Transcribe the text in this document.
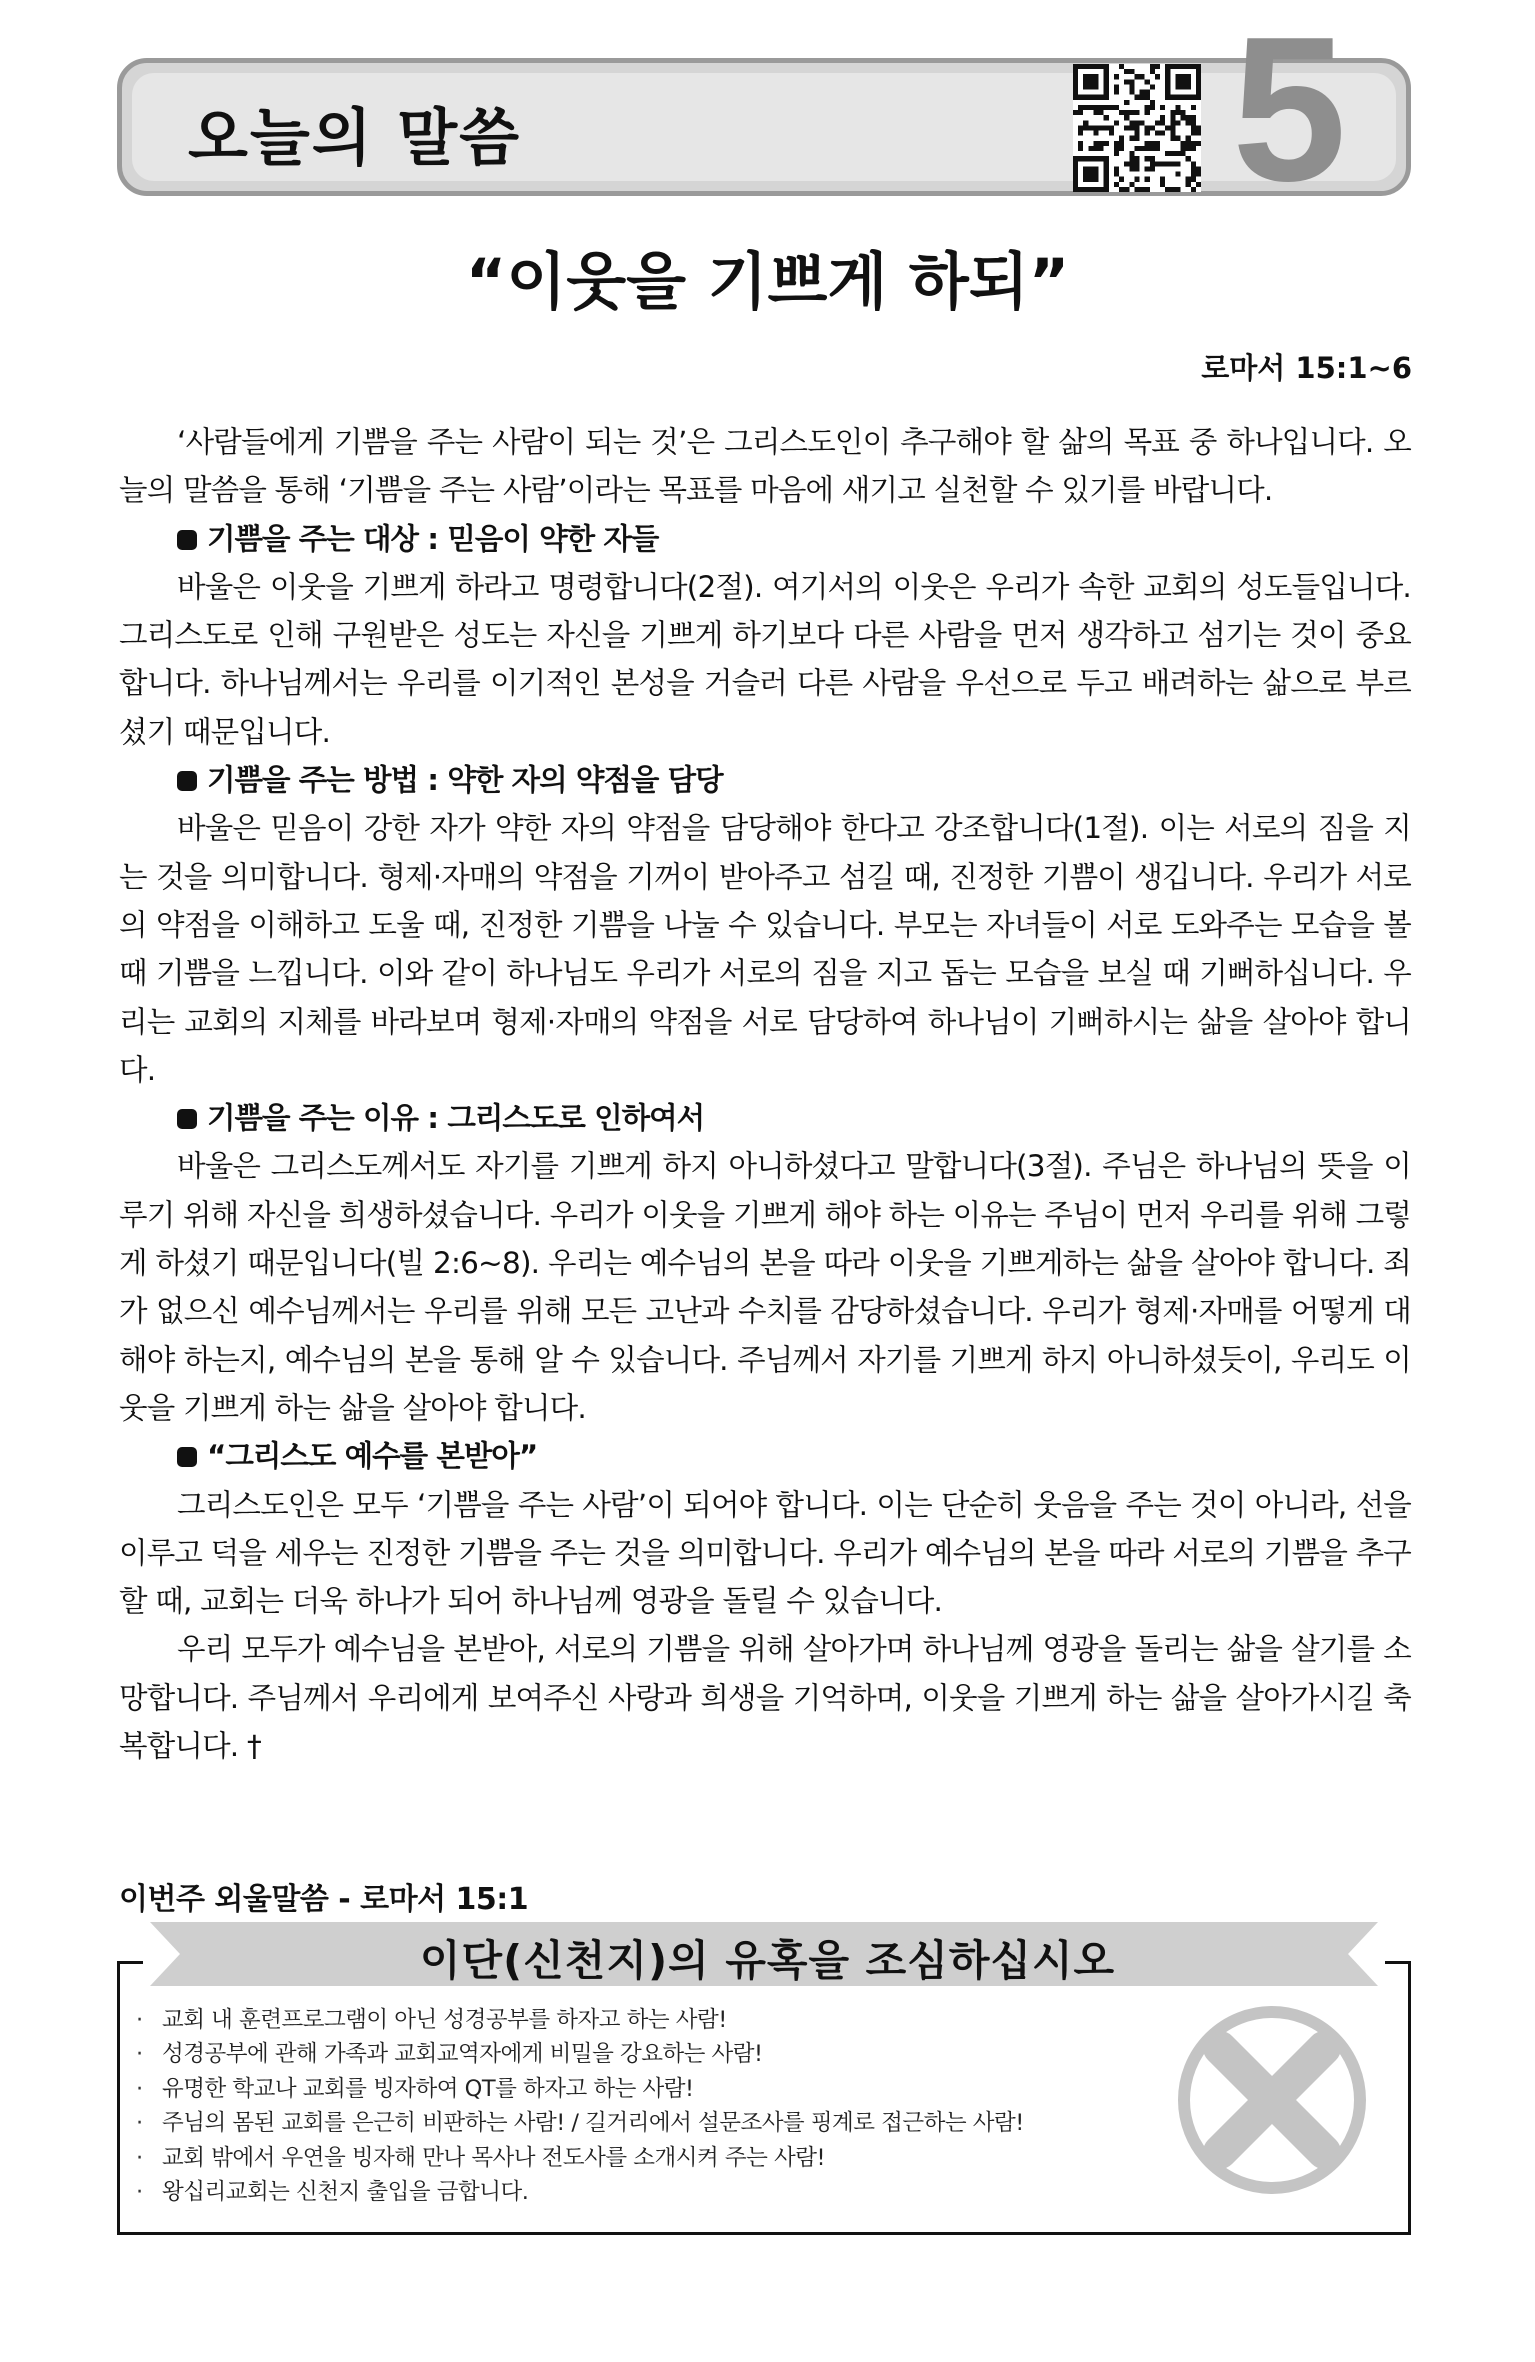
오늘의 말씀	5
“이웃을 기쁘게 하되”
로마서 15:1~6

‘사람들에게 기쁨을 주는 사람이 되는 것’은 그리스도인이 추구해야 할 삶의 목표 중 하나입니다. 오늘의 말씀을 통해 ‘기쁨을 주는 사람’이라는 목표를 마음에 새기고 실천할 수 있기를 바랍니다.

기쁨을 주는 대상 : 믿음이 약한 자들

바울은 이웃을 기쁘게 하라고 명령합니다(2절). 여기서의 이웃은 우리가 속한 교회의 성도들입니다. 그리스도로 인해 구원받은 성도는 자신을 기쁘게 하기보다 다른 사람을 먼저 생각하고 섬기는 것이 중요합니다. 하나님께서는 우리를 이기적인 본성을 거슬러 다른 사람을 우선으로 두고 배려하는 삶으로 부르셨기 때문입니다.

기쁨을 주는 방법 : 약한 자의 약점을 담당

바울은 믿음이 강한 자가 약한 자의 약점을 담당해야 한다고 강조합니다(1절). 이는 서로의 짐을 지는 것을 의미합니다. 형제·자매의 약점을 기꺼이 받아주고 섬길 때, 진정한 기쁨이 생깁니다. 우리가 서로의 약점을 이해하고 도울 때, 진정한 기쁨을 나눌 수 있습니다. 부모는 자녀들이 서로 도와주는 모습을 볼 때 기쁨을 느낍니다. 이와 같이 하나님도 우리가 서로의 짐을 지고 돕는 모습을 보실 때 기뻐하십니다. 우리는 교회의 지체를 바라보며 형제·자매의 약점을 서로 담당하여 하나님이 기뻐하시는 삶을 살아야 합니다.

기쁨을 주는 이유 : 그리스도로 인하여서

바울은 그리스도께서도 자기를 기쁘게 하지 아니하셨다고 말합니다(3절). 주님은 하나님의 뜻을 이루기 위해 자신을 희생하셨습니다. 우리가 이웃을 기쁘게 해야 하는 이유는 주님이 먼저 우리를 위해 그렇게 하셨기 때문입니다(빌 2:6~8). 우리는 예수님의 본을 따라 이웃을 기쁘게하는 삶을 살아야 합니다. 죄가 없으신 예수님께서는 우리를 위해 모든 고난과 수치를 감당하셨습니다. 우리가 형제·자매를 어떻게 대해야 하는지, 예수님의 본을 통해 알 수 있습니다. 주님께서 자기를 기쁘게 하지 아니하셨듯이, 우리도 이웃을 기쁘게 하는 삶을 살아야 합니다.

“그리스도 예수를 본받아”

그리스도인은 모두 ‘기쁨을 주는 사람’이 되어야 합니다. 이는 단순히 웃음을 주는 것이 아니라, 선을 이루고 덕을 세우는 진정한 기쁨을 주는 것을 의미합니다. 우리가 예수님의 본을 따라 서로의 기쁨을 추구할 때, 교회는 더욱 하나가 되어 하나님께 영광을 돌릴 수 있습니다.

우리 모두가 예수님을 본받아, 서로의 기쁨을 위해 살아가며 하나님께 영광을 돌리는 삶을 살기를 소망합니다. 주님께서 우리에게 보여주신 사랑과 희생을 기억하며, 이웃을 기쁘게 하는 삶을 살아가시길 축복합니다. †

이번주 외울말씀 - 로마서 15:1
이단(신천지)의 유혹을 조심하십시오
· 교회 내 훈련프로그램이 아닌 성경공부를 하자고 하는 사람!
· 성경공부에 관해 가족과 교회교역자에게 비밀을 강요하는 사람!
· 유명한 학교나 교회를 빙자하여 QT를 하자고 하는 사람!
· 주님의 몸된 교회를 은근히 비판하는 사람! / 길거리에서 설문조사를 핑계로 접근하는 사람!
· 교회 밖에서 우연을 빙자해 만나 목사나 전도사를 소개시켜 주는 사람!
· 왕십리교회는 신천지 출입을 금합니다.
